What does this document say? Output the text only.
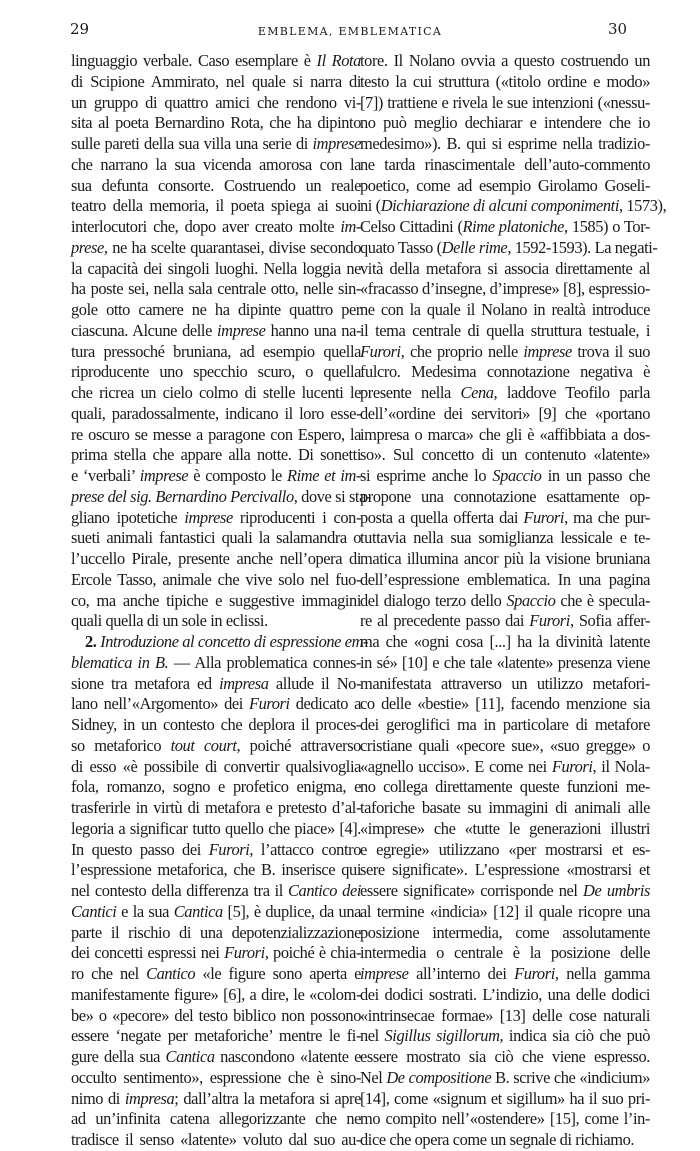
29	EMBLEMA, EMBLEMATICA	30
linguaggio verbale. Caso esemplare è Il Rota
di Scipione Ammirato, nel quale si narra di
un gruppo di quattro amici che rendono vi-
sita al poeta Bernardino Rota, che ha dipinto
sulle pareti della sua villa una serie di imprese
che narrano la sua vicenda amorosa con la
sua defunta consorte. Costruendo un reale
teatro della memoria, il poeta spiega ai suoi
interlocutori che, dopo aver creato molte im-
prese, ne ha scelte quarantasei, divise secondo
la capacità dei singoli luoghi. Nella loggia ne
ha poste sei, nella sala centrale otto, nelle sin-
gole otto camere ne ha dipinte quattro per
ciascuna. Alcune delle imprese hanno una na-
tura pressoché bruniana, ad esempio quella
riproducente uno specchio scuro, o quella
che ricrea un cielo colmo di stelle lucenti le
quali, paradossalmente, indicano il loro esse-
re oscuro se messe a paragone con Espero, la
prima stella che appare alla notte. Di sonetti
e ‘verbali’ imprese è composto le Rime et im-
prese del sig. Bernardino Percivallo, dove si sta-
gliano ipotetiche imprese riproducenti i con-
sueti animali fantastici quali la salamandra o
l’uccello Pirale, presente anche nell’opera di
Ercole Tasso, animale che vive solo nel fuo-
co, ma anche tipiche e suggestive immagini
quali quella di un sole in eclissi.
2. Introduzione al concetto di espressione em-
blematica in B. — Alla problematica connes-
sione tra metafora ed impresa allude il No-
lano nell’«Argomento» dei Furori dedicato a
Sidney, in un contesto che deplora il proces-
so metaforico tout court, poiché attraverso
di esso «è possibile di convertir qualsivoglia
fola, romanzo, sogno e profetico enigma, e
trasferirle in virtù di metafora e pretesto d’al-
legoria a significar tutto quello che piace» [4].
In questo passo dei Furori, l’attacco contro
l’espressione metaforica, che B. inserisce qui
nel contesto della differenza tra il Cantico dei
Cantici e la sua Cantica [5], è duplice, da una
parte il rischio di una depotenzializzazione
dei concetti espressi nei Furori, poiché è chia-
ro che nel Cantico «le figure sono aperta e
manifestamente figure» [6], a dire, le «colom-
be» o «pecore» del testo biblico non possono
essere ‘negate per metaforiche’ mentre le fi-
gure della sua Cantica nascondono «latente e
occulto sentimento», espressione che è sino-
nimo di impresa; dall’altra la metafora si apre
ad un’infinita catena allegorizzante che ne
tradisce il senso «latente» voluto dal suo au-
tore. Il Nolano ovvia a questo costruendo un
testo la cui struttura («titolo ordine e modo»
[7]) trattiene e rivela le sue intenzioni («nessu-
no può meglio dechiarar e intendere che io
medesimo»). B. qui si esprime nella tradizio-
ne tarda rinascimentale dell’auto-commento
poetico, come ad esempio Girolamo Goseli-
ni (Dichiarazione di alcuni componimenti, 1573),
Celso Cittadini (Rime platoniche, 1585) o Tor-
quato Tasso (Delle rime, 1592-1593). La negati-
vità della metafora si associa direttamente al
«fracasso d’insegne, d’imprese» [8], espressio-
ne con la quale il Nolano in realtà introduce
il tema centrale di quella struttura testuale, i
Furori, che proprio nelle imprese trova il suo
fulcro. Medesima connotazione negativa è
presente nella Cena, laddove Teofilo parla
dell’«ordine dei servitori» [9] che «portano
impresa o marca» che gli è «affibbiata a dos-
so». Sul concetto di un contenuto «latente»
si esprime anche lo Spaccio in un passo che
propone una connotazione esattamente op-
posta a quella offerta dai Furori, ma che pur-
tuttavia nella sua somiglianza lessicale e te-
matica illumina ancor più la visione bruniana
dell’espressione emblematica. In una pagina
del dialogo terzo dello Spaccio che è specula-
re al precedente passo dai Furori, Sofia affer-
ma che «ogni cosa [...] ha la divinità latente
in sé» [10] e che tale «latente» presenza viene
manifestata attraverso un utilizzo metafori-
co delle «bestie» [11], facendo menzione sia
dei geroglifici ma in particolare di metafore
cristiane quali «pecore sue», «suo gregge» o
«agnello ucciso». E come nei Furori, il Nola-
no collega direttamente queste funzioni me-
taforiche basate su immagini di animali alle
«imprese» che «tutte le generazioni illustri
e egregie» utilizzano «per mostrarsi et es-
sere significate». L’espressione «mostrarsi et
essere significate» corrisponde nel De umbris
al termine «indicia» [12] il quale ricopre una
posizione intermedia, come assolutamente
intermedia o centrale è la posizione delle
imprese all’interno dei Furori, nella gamma
dei dodici sostrati. L’indizio, una delle dodici
«intrinsecae formae» [13] delle cose naturali
nel Sigillus sigillorum, indica sia ciò che può
essere mostrato sia ciò che viene espresso.
Nel De compositione B. scrive che «indicium»
[14], come «signum et sigillum» ha il suo pri-
mo compito nell’«ostendere» [15], come l’in-
dice che opera come un segnale di richiamo.
